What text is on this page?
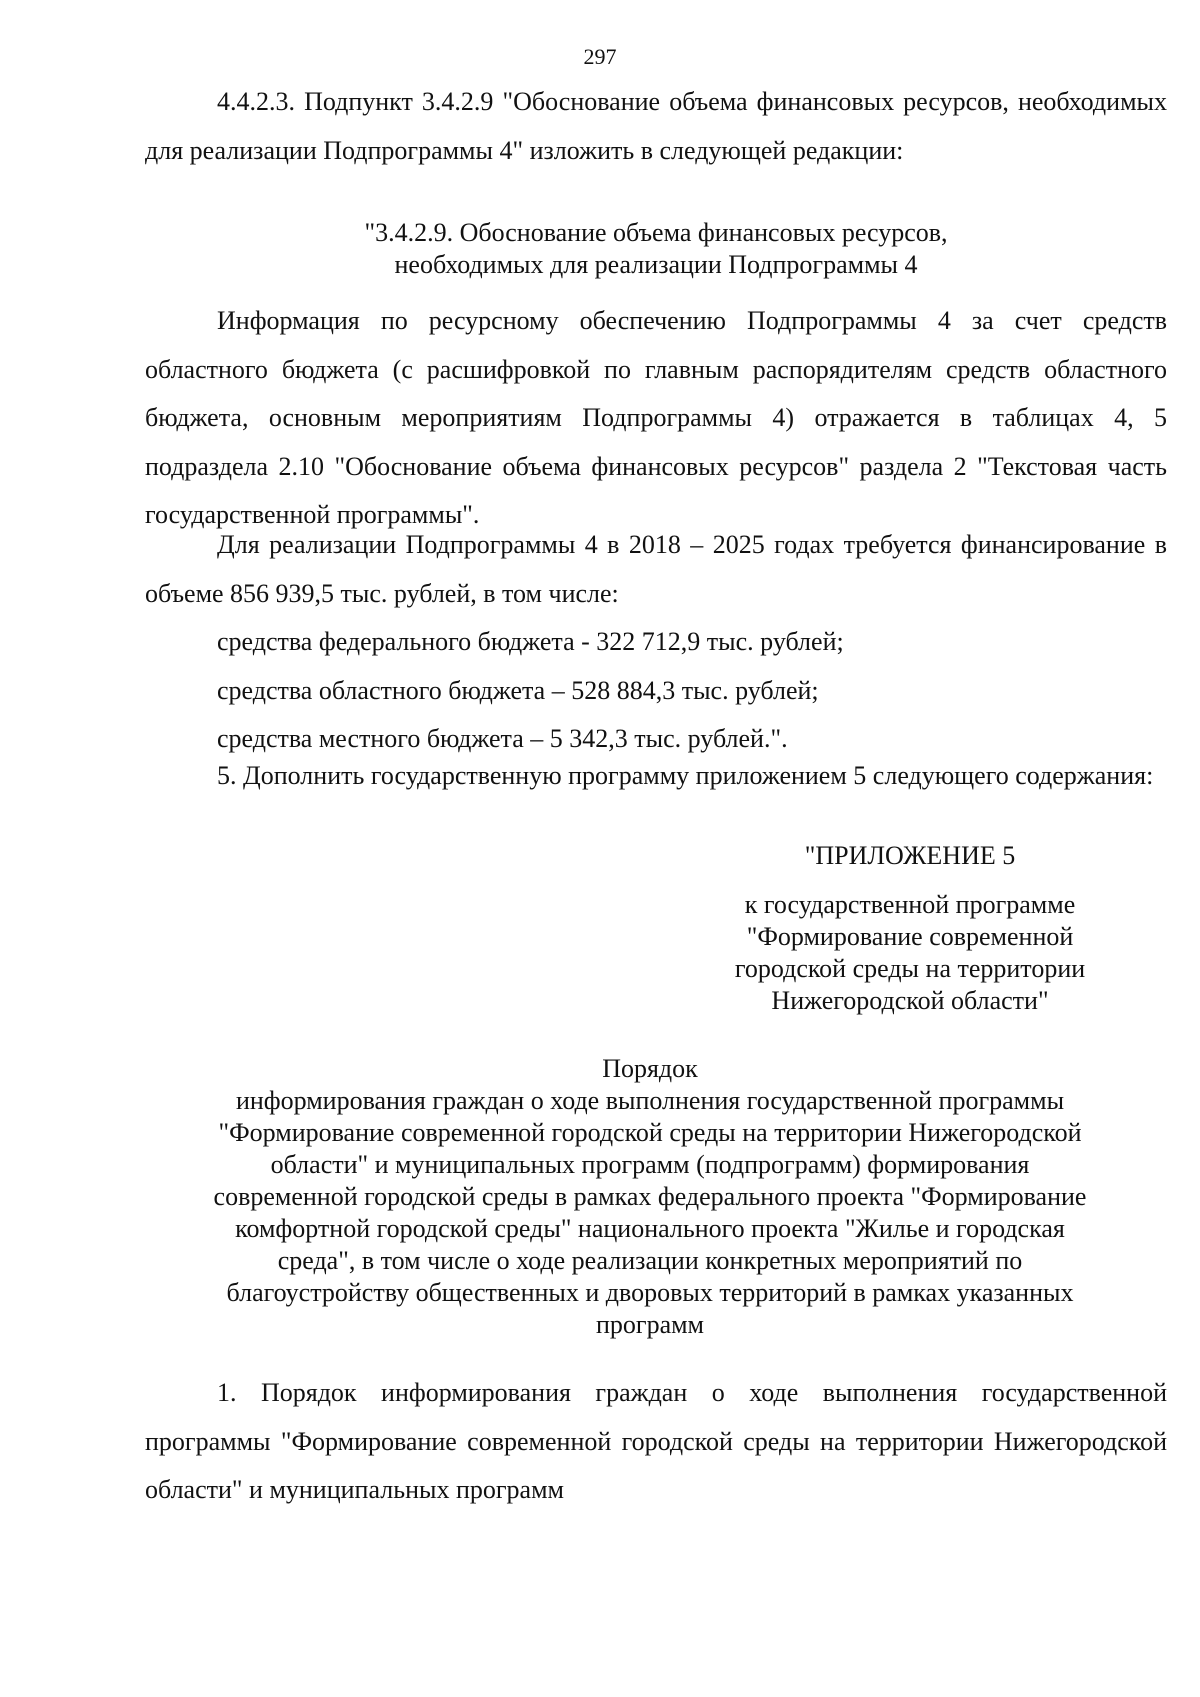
297

4.4.2.3. Подпункт 3.4.2.9 "Обоснование объема финансовых ресурсов, необходимых для реализации Подпрограммы 4" изложить в следующей редакции:

"3.4.2.9. Обоснование объема финансовых ресурсов,

необходимых для реализации Подпрограммы 4

Информация по ресурсному обеспечению Подпрограммы 4 за счет средств областного бюджета (с расшифровкой по главным распорядителям средств областного бюджета, основным мероприятиям Подпрограммы 4) отражается в таблицах 4, 5 подраздела 2.10 "Обоснование объема финансовых ресурсов" раздела 2 "Текстовая часть государственной программы".

Для реализации Подпрограммы 4 в 2018 – 2025 годах требуется финансирование в объеме 856 939,5 тыс. рублей, в том числе:

средства федерального бюджета - 322 712,9 тыс. рублей;

средства областного бюджета – 528 884,3 тыс. рублей;

средства местного бюджета – 5 342,3 тыс. рублей.".

5. Дополнить государственную программу приложением 5 следующего содержания:

"ПРИЛОЖЕНИЕ 5

к государственной программе

"Формирование современной

городской среды на территории

Нижегородской области"

Порядок

информирования граждан о ходе выполнения государственной программы

"Формирование современной городской среды на территории Нижегородской

области" и муниципальных программ (подпрограмм) формирования

современной городской среды в рамках федерального проекта "Формирование

комфортной городской среды" национального проекта "Жилье и городская

среда", в том числе о ходе реализации конкретных мероприятий по

благоустройству общественных и дворовых территорий в рамках указанных

программ

1. Порядок информирования граждан о ходе выполнения государственной программы "Формирование современной городской среды на территории Нижегородской области" и муниципальных программ
